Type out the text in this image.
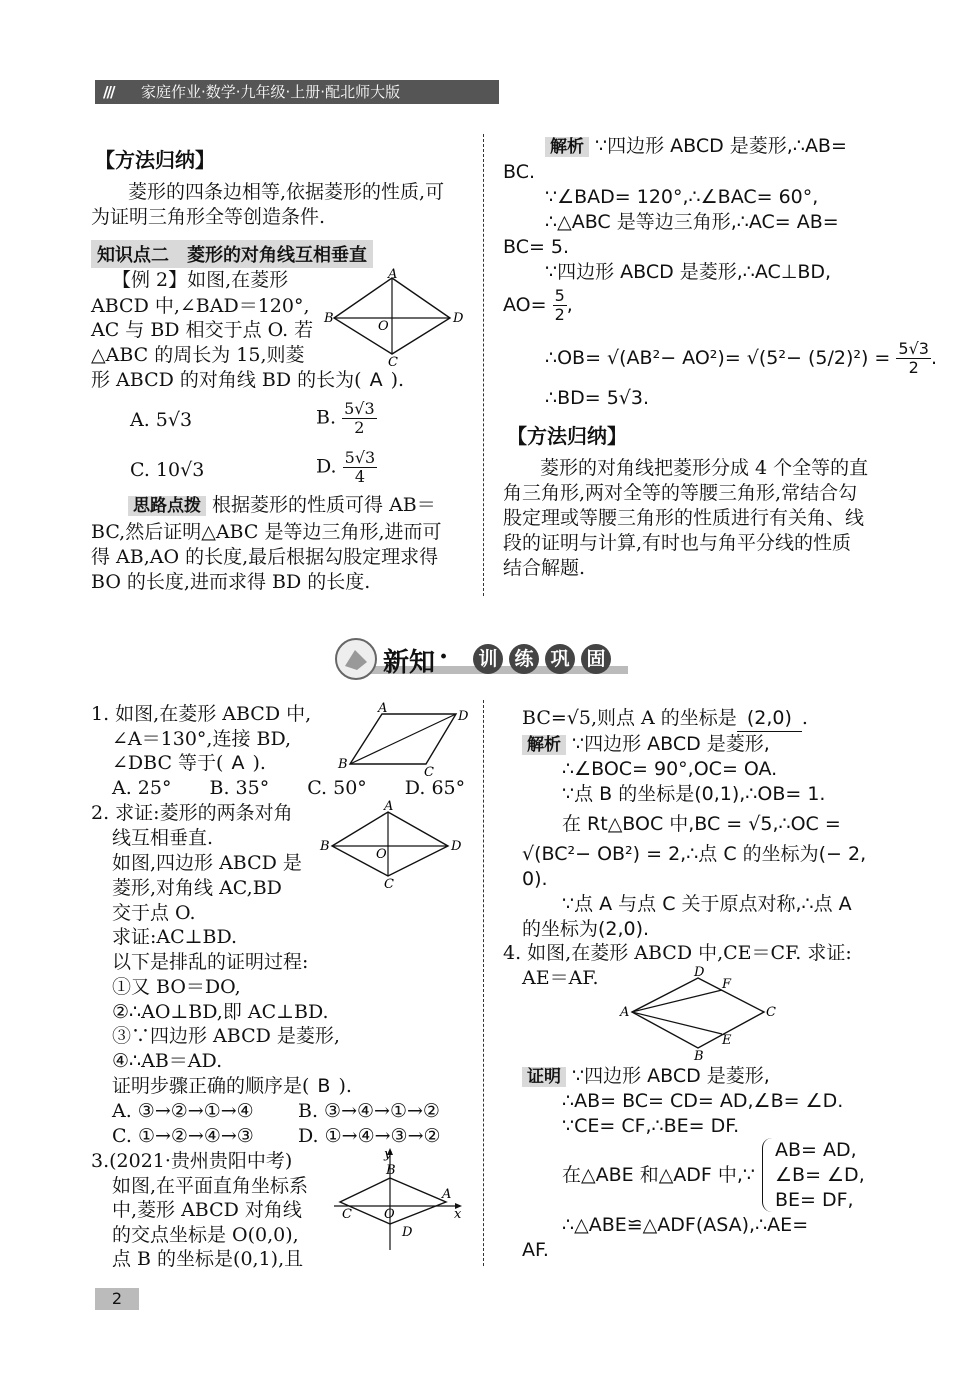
/// 家庭作业·数学·九年级·上册·配北师大版
【方法归纳】
菱形的四条边相等,依据菱形的性质,可
为证明三角形全等创造条件.
知识点二　菱形的对角线互相垂直
【例 2】如图,在菱形
ABCD 中,∠BAD＝120°,
AC 与 BD 相交于点 O. 若
△ABC 的周长为 15,则菱
形 ABCD 的对角线 BD 的长为( A ).
A
B	D
C
O
A. 5√3	B. $\frac{5√3}{2}$
C. 10√3	D. $\frac{5√3}{4}$
思路点拨 根据菱形的性质可得 AB＝
BC,然后证明△ABC 是等边三角形,进而可
得 AB,AO 的长度,最后根据勾股定理求得
BO 的长度,进而求得 BD 的长度.
解析 ∵四边形 ABCD 是菱形,∴AB=
BC.
∵∠BAD= 120°,∴∠BAC= 60°,
∴△ABC 是等边三角形,∴AC= AB=
BC= 5.
∵四边形 ABCD 是菱形,∴AC⊥BD,
$AO= \frac{5}{2}$ ,
∴OB= $√(AB^2- AO^2)= √(5^2- (5/2)^2) = \frac{5√3}{2}$ .
∴BD= 5√3.
【方法归纳】
菱形的对角线把菱形分成 4 个全等的直
角三角形,两对全等的等腰三角形,常结合勾
股定理或等腰三角形的性质进行有关角、线
段的证明与计算,有时也与角平分线的性质
结合解题.
新知 · 训 练 巩 固
1. 如图,在菱形 ABCD 中,
∠A＝130°,连接 BD,
∠DBC 等于( A ).
A. 25°　　B. 35°　　C. 50°　　D. 65°
A
D
B
C
2. 求证:菱形的两条对角
线互相垂直.
如图,四边形 ABCD 是
菱形,对角线 AC,BD
交于点 O.
求证:AC⊥BD.
以下是排乱的证明过程:
①又 BO＝DO,
②∴AO⊥BD,即 AC⊥BD.
③∵四边形 ABCD 是菱形,
④∴AB＝AD.
证明步骤正确的顺序是( B ).
A. ③→②→①→④ B. ③→④→①→②
C. ①→②→④→③ D. ①→④→③→②
A
B	D
C
O
3.(2021·贵州贵阳中考)
如图,在平面直角坐标系
中,菱形 ABCD 对角线
的交点坐标是 O(0,0),
点 B 的坐标是(0,1),且
y
x
B
A
C O
D
BC=√5,则点 A 的坐标是 (2,0) .
解析 ∵四边形 ABCD 是菱形,
∴∠BOC= 90°,OC= OA.
∵点 B 的坐标是(0,1),∴OB= 1.
在 Rt△BOC 中,BC = √5,∴OC =
√(BC²− OB²) = 2,∴点 C 的坐标为(− 2,
0).
∵点 A 与点 C 关于原点对称,∴点 A
的坐标为(2,0).
4. 如图,在菱形 ABCD 中,CE＝CF. 求证:
AE＝AF.	D
F
A	C
E
B
证明 ∵四边形 ABCD 是菱形,
∴AB= BC= CD= AD,∠B= ∠D.
∵CE= CF,∴BE= DF.
在△ABE 和△ADF 中,∵
AB= AD,
∠B= ∠D,
BE= DF,
∴△ABE≌△ADF(ASA),∴AE=
AF.
2
